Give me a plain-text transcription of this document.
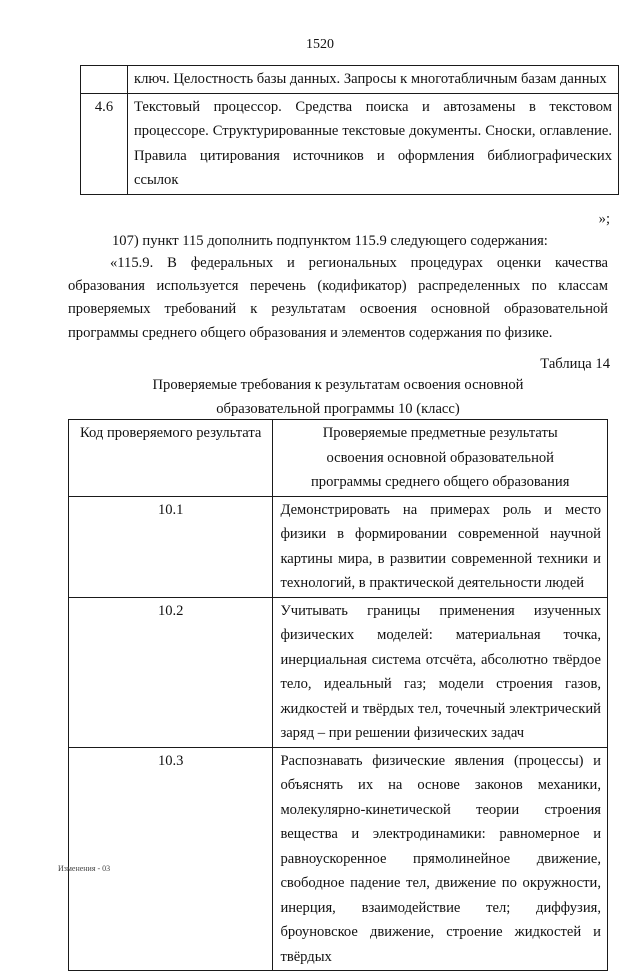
1520
	ключ. Целостность базы данных. Запросы к многотабличным базам данных
4.6	Текстовый процессор. Средства поиска и автозамены в текстовом процессоре. Структурированные текстовые документы. Сноски, оглавление. Правила цитирования источников и оформления библиографических ссылок
»;
107) пункт 115 дополнить подпунктом 115.9 следующего содержания:
«115.9. В федеральных и региональных процедурах оценки качества образования используется перечень (кодификатор) распределенных по классам проверяемых требований к результатам освоения основной образовательной программы среднего общего образования и элементов содержания по физике.
Таблица 14
Проверяемые требования к результатам освоения основной
образовательной программы 10 (класс)
Код проверяемого результата	Проверяемые предметные результаты освоения основной образовательной программы среднего общего образования
10.1	Демонстрировать на примерах роль и место физики в формировании современной научной картины мира, в развитии современной техники и технологий, в практической деятельности людей
10.2	Учитывать границы применения изученных физических моделей: материальная точка, инерциальная система отсчёта, абсолютно твёрдое тело, идеальный газ; модели строения газов, жидкостей и твёрдых тел, точечный электрический заряд – при решении физических задач
10.3	Распознавать физические явления (процессы) и объяснять их на основе законов механики, молекулярно-кинетической теории строения вещества и электродинамики: равномерное и равноускоренное прямолинейное движение, свободное падение тел, движение по окружности, инерция, взаимодействие тел; диффузия, броуновское движение, строение жидкостей и твёрдых
Изменения - 03
